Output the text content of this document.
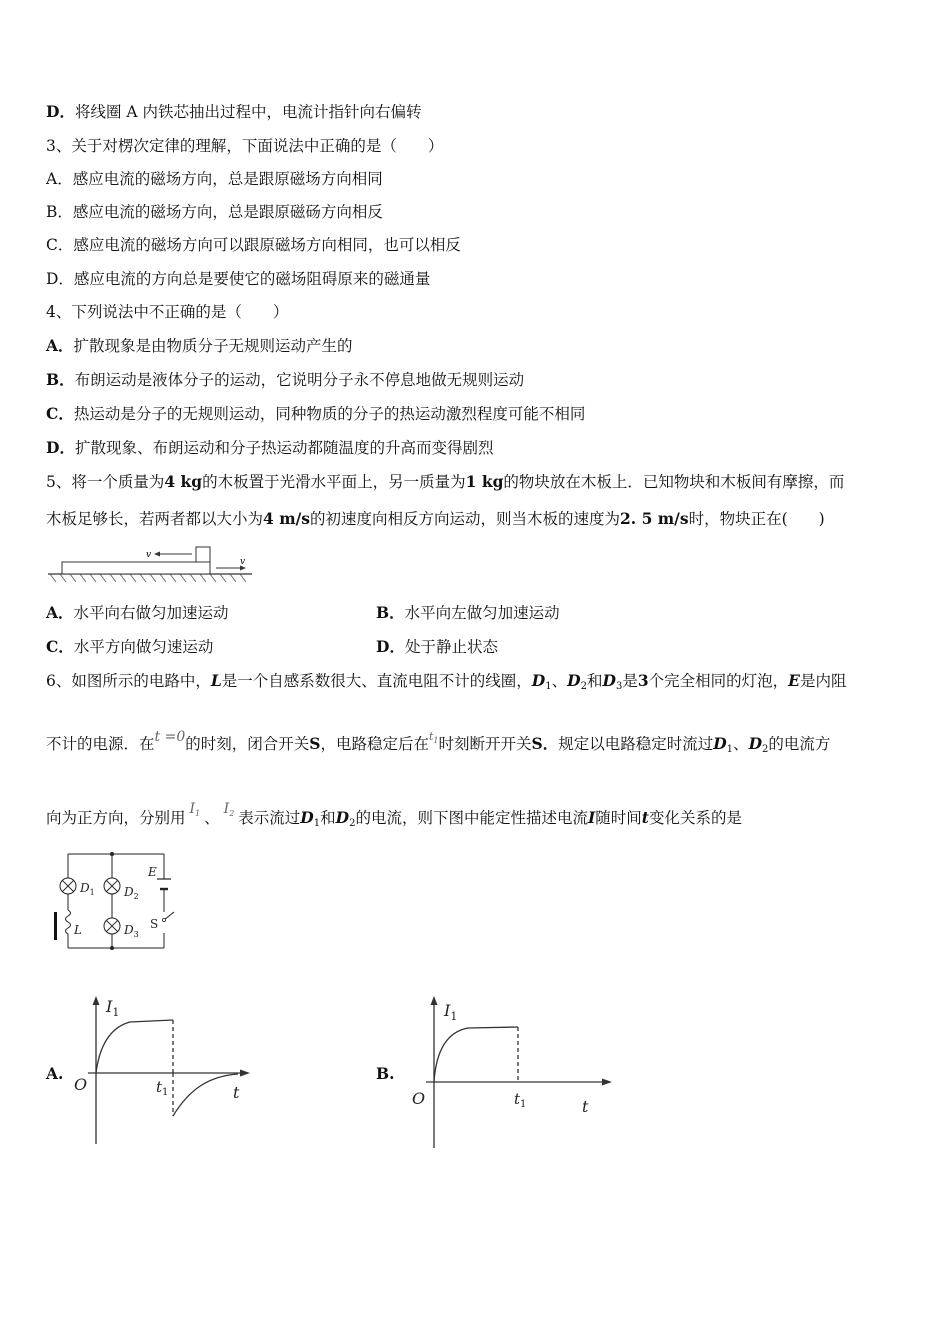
D．将线圈 A 内铁芯抽出过程中，电流计指针向右偏转
3、关于对楞次定律的理解，下面说法中正确的是（　　）
A．感应电流的磁场方向，总是跟原磁场方向相同
B．感应电流的磁场方向，总是跟原磁砀方向相反
C．感应电流的磁场方向可以跟原磁场方向相同，也可以相反
D．感应电流的方向总是要使它的磁场阻碍原来的磁通量
4、下列说法中不正确的是（　　）
A．扩散现象是由物质分子无规则运动产生的
B．布朗运动是液体分子的运动，它说明分子永不停息地做无规则运动
C．热运动是分子的无规则运动，同种物质的分子的热运动激烈程度可能不相同
D．扩散现象、布朗运动和分子热运动都随温度的升高而变得剧烈
5、将一个质量为4 kg的木板置于光滑水平面上，另一质量为1 kg的物块放在木板上．已知物块和木板间有摩擦，而
木板足够长，若两者都以大小为4 m/s的初速度向相反方向运动，则当木板的速度为2. 5 m/s时，物块正在(　　)
v
v
A．水平向右做匀加速运动	B．水平向左做匀加速运动
C．水平方向做匀速运动	D．处于静止状态
6、如图所示的电路中，L是一个自感系数很大、直流电阻不计的线圈，$D_1$、$D_2$和$D_3$是3个完全相同的灯泡，E是内阻
不计的电源．在t =0的时刻，闭合开关S，电路稳定后在$^{t_1}$时刻断开开关S．规定以电路稳定时流过$D_1$、$D_2$的电流方
向为正方向，分别用 $I_1$ 、 $I_2$ 表示流过$D_1$和$D_2$的电流，则下图中能定性描述电流I随时间t变化关系的是
$D_1$ $D_2$
$D_3$
L
E
S
A.
$I_1$
O	$t_1$	t
B.
$I_1$
O	$t_1$	t
